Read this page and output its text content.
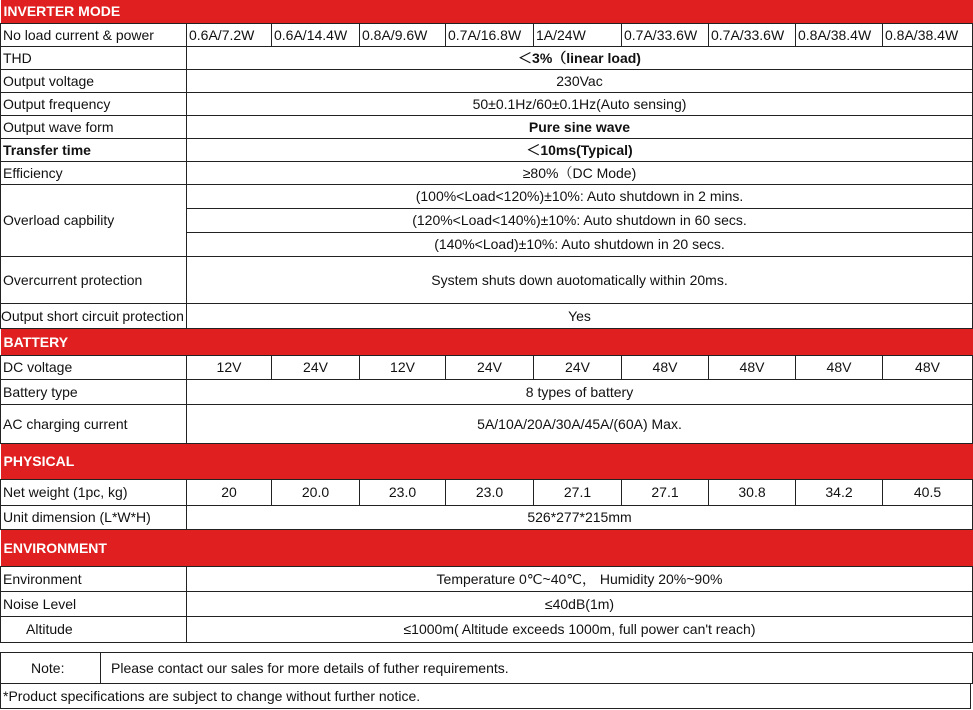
INVERTER MODE									
No load current & power	0.6A/7.2W	0.6A/14.4W	0.8A/9.6W	0.7A/16.8W	1A/24W	0.7A/33.6W	0.7A/33.6W	0.8A/38.4W	0.8A/38.4W
THD	＜3%（linear load)								
Output voltage	230Vac								
Output frequency	50±0.1Hz/60±0.1Hz(Auto sensing)								
Output wave form	Pure sine wave								
Transfer time	＜10ms(Typical)								
Efficiency	≥80%（DC Mode)								
Overload capbility	(100%<Load<120%)±10%: Auto shutdown in 2 mins.								
	(120%<Load<140%)±10%: Auto shutdown in 60 secs.								
	(140%<Load)±10%: Auto shutdown in 20 secs.								
Overcurrent protection	System shuts down auotomatically within 20ms.								
Output short circuit protection	Yes								
BATTERY									
DC voltage	12V	24V	12V	24V	24V	48V	48V	48V	48V
Battery type	8 types of battery								
AC charging current	5A/10A/20A/30A/45A/(60A) Max.								
PHYSICAL									
Net weight (1pc, kg)	20	20.0	23.0	23.0	27.1	27.1	30.8	34.2	40.5
Unit dimension (L*W*H)	526*277*215mm								
ENVIRONMENT									
Environment	Temperature 0℃~40℃， Humidity 20%~90%								
Noise Level	≤40dB(1m)								
Altitude	≤1000m( Altitude exceeds 1000m, full power can't reach)								
Note:	Please contact our sales for more details of futher requirements.
*Product specifications are subject to change without further notice.
